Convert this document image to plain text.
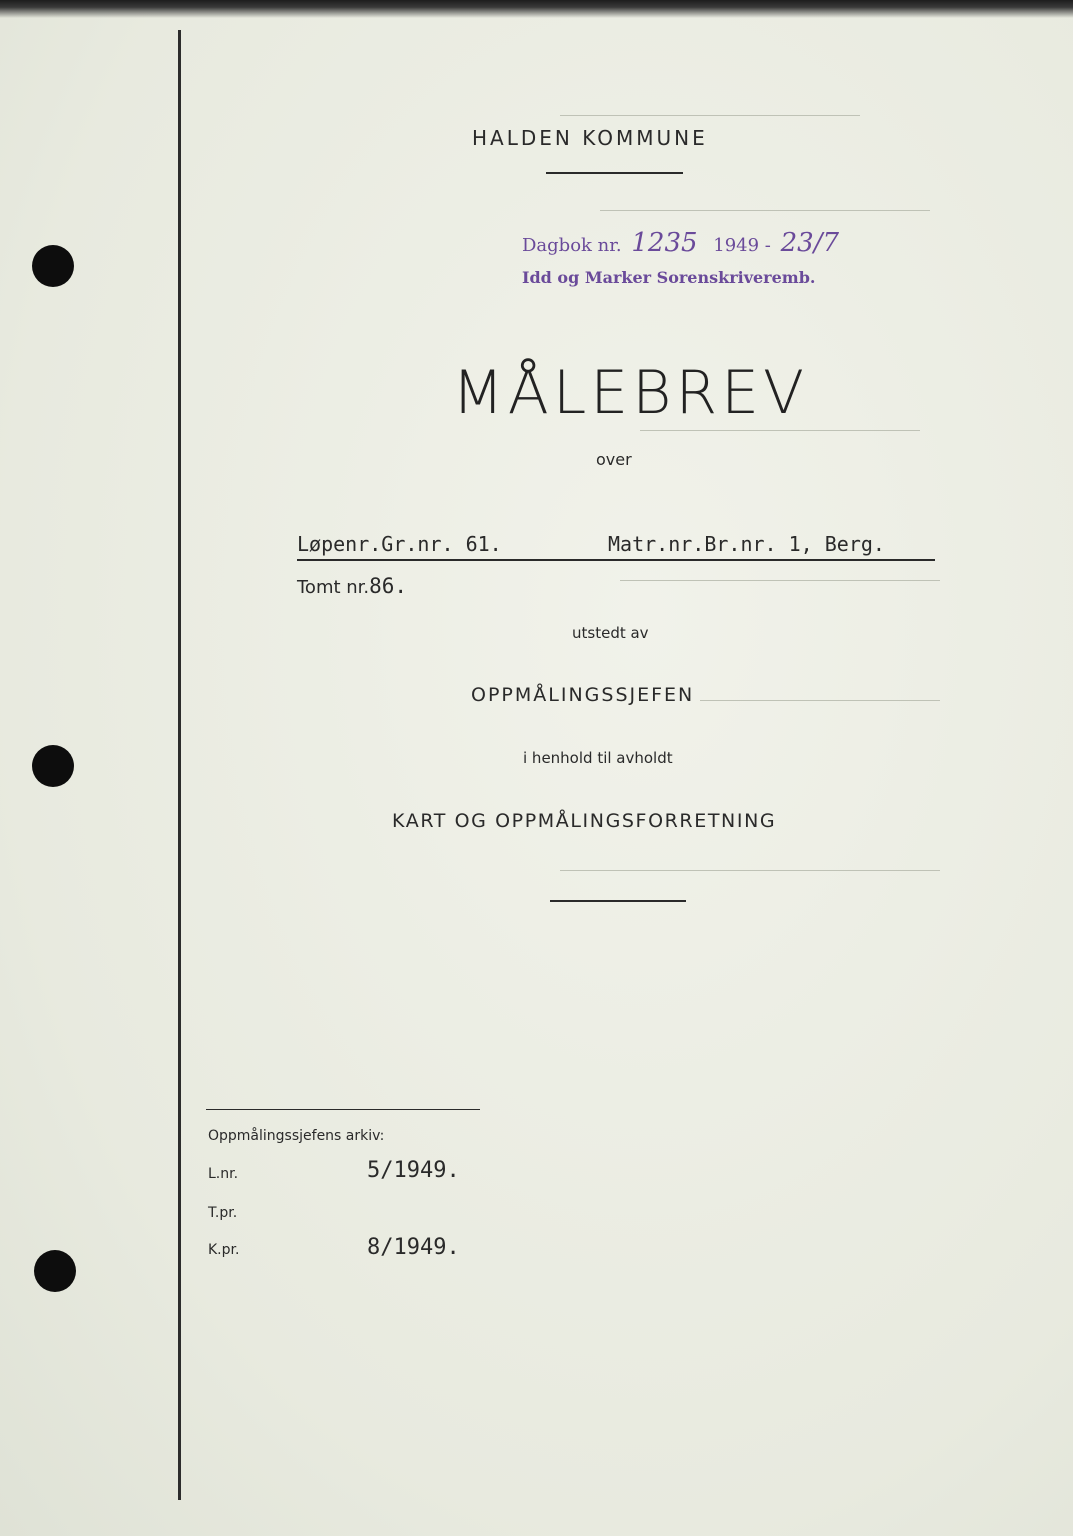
HALDEN KOMMUNE
Dagbok nr. 1235 1949 - 23/7
Idd og Marker Sorenskriveremb.
MÅLEBREV
over
Løpenr.Gr.nr. 61.	Matr.nr.Br.nr. 1, Berg.
Tomt nr.86.
utstedt av
OPPMÅLINGSSJEFEN
i henhold til avholdt
KART OG OPPMÅLINGSFORRETNING
Oppmålingssjefens arkiv:
L.nr.	5/1949.
T.pr.
K.pr.	8/1949.
